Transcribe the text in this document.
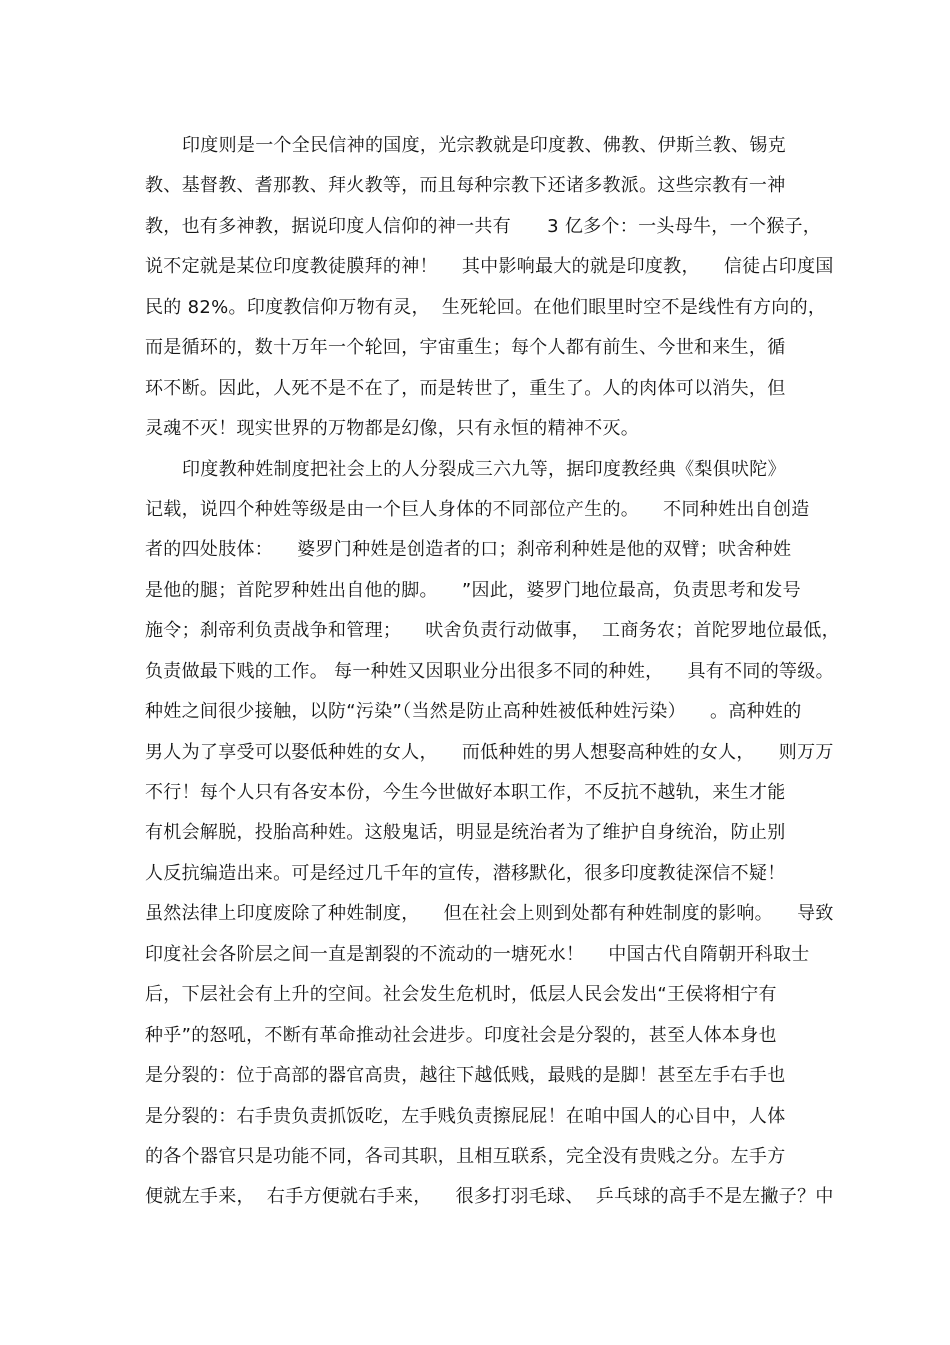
印度则是一个全民信神的国度，光宗教就是印度教、佛教、伊斯兰教、锡克
教、基督教、耆那教、拜火教等，而且每种宗教下还诸多教派。这些宗教有一神
教，也有多神教，据说印度人信仰的神一共有      3 亿多个：一头母牛，一个猴子，
说不定就是某位印度教徒膜拜的神！    其中影响最大的就是印度教，    信徒占印度国
民的 82%。印度教信仰万物有灵，  生死轮回。在他们眼里时空不是线性有方向的，
而是循环的，数十万年一个轮回，宇宙重生；每个人都有前生、今世和来生，循
环不断。因此，人死不是不在了，而是转世了，重生了。人的肉体可以消失，但
灵魂不灭！现实世界的万物都是幻像，只有永恒的精神不灭。
印度教种姓制度把社会上的人分裂成三六九等，据印度教经典《梨俱吠陀》
记载，说四个种姓等级是由一个巨人身体的不同部位产生的。    不同种姓出自创造
者的四处肢体：    婆罗门种姓是创造者的口；刹帝利种姓是他的双臂；吠舍种姓
是他的腿；首陀罗种姓出自他的脚。    ”因此，婆罗门地位最高，负责思考和发号
施令；刹帝利负责战争和管理；    吠舍负责行动做事，  工商务农；首陀罗地位最低，
负责做最下贱的工作。 每一种姓又因职业分出很多不同的种姓，    具有不同的等级。
种姓之间很少接触，以防“污染”（当然是防止高种姓被低种姓污染）    。高种姓的
男人为了享受可以娶低种姓的女人，    而低种姓的男人想娶高种姓的女人，    则万万
不行！每个人只有各安本份，今生今世做好本职工作，不反抗不越轨，来生才能
有机会解脱，投胎高种姓。这般鬼话，明显是统治者为了维护自身统治，防止别
人反抗编造出来。可是经过几千年的宣传，潜移默化，很多印度教徒深信不疑！
虽然法律上印度废除了种姓制度，    但在社会上则到处都有种姓制度的影响。    导致
印度社会各阶层之间一直是割裂的不流动的一塘死水！    中国古代自隋朝开科取士
后，下层社会有上升的空间。社会发生危机时，低层人民会发出“王侯将相宁有
种乎”的怒吼，不断有革命推动社会进步。印度社会是分裂的，甚至人体本身也
是分裂的：位于高部的器官高贵，越往下越低贱，最贱的是脚！甚至左手右手也
是分裂的：右手贵负责抓饭吃，左手贱负责擦屁屁！在咱中国人的心目中，人体
的各个器官只是功能不同，各司其职，且相互联系，完全没有贵贱之分。左手方
便就左手来，  右手方便就右手来，    很多打羽毛球、  乒乓球的高手不是左撇子？中
